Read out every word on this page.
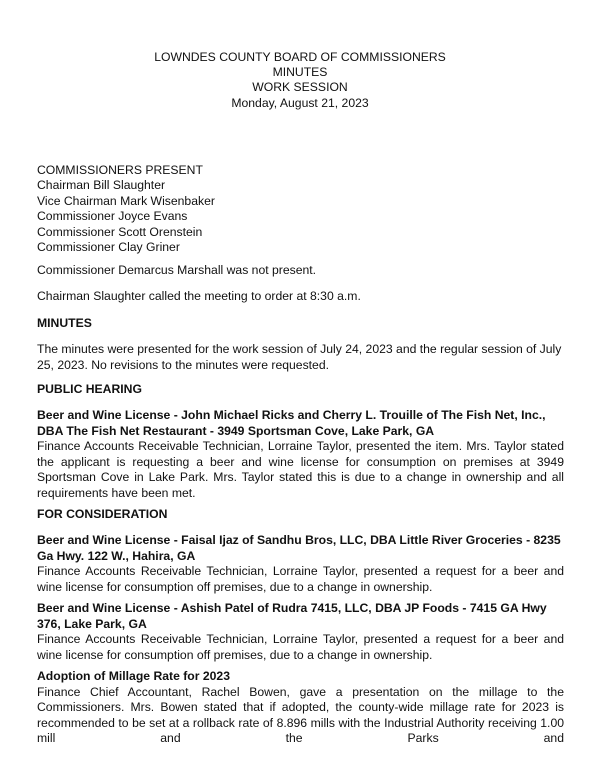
LOWNDES COUNTY BOARD OF COMMISSIONERS
MINUTES
WORK SESSION
Monday, August 21, 2023
COMMISSIONERS PRESENT
Chairman Bill Slaughter
Vice Chairman Mark Wisenbaker
Commissioner Joyce Evans
Commissioner Scott Orenstein
Commissioner Clay Griner
Commissioner Demarcus Marshall was not present.
Chairman Slaughter called the meeting to order at 8:30 a.m.
MINUTES
The minutes were presented for the work session of July 24, 2023 and the regular session of July 25, 2023. No revisions to the minutes were requested.
PUBLIC HEARING
Beer and Wine License - John Michael Ricks and Cherry L. Trouille of The Fish Net, Inc., DBA The Fish Net Restaurant - 3949 Sportsman Cove, Lake Park, GA
Finance Accounts Receivable Technician, Lorraine Taylor, presented the item. Mrs. Taylor stated the applicant is requesting a beer and wine license for consumption on premises at 3949 Sportsman Cove in Lake Park. Mrs. Taylor stated this is due to a change in ownership and all requirements have been met.
FOR CONSIDERATION
Beer and Wine License - Faisal Ijaz of Sandhu Bros, LLC, DBA Little River Groceries - 8235 Ga Hwy. 122 W., Hahira, GA
Finance Accounts Receivable Technician, Lorraine Taylor, presented a request for a beer and wine license for consumption off premises, due to a change in ownership.
Beer and Wine License - Ashish Patel of Rudra 7415, LLC, DBA JP Foods - 7415 GA Hwy 376, Lake Park, GA
Finance Accounts Receivable Technician, Lorraine Taylor, presented a request for a beer and wine license for consumption off premises, due to a change in ownership.
Adoption of Millage Rate for 2023
Finance Chief Accountant, Rachel Bowen, gave a presentation on the millage to the Commissioners. Mrs. Bowen stated that if adopted, the county-wide millage rate for 2023 is recommended to be set at a rollback rate of 8.896 mills with the Industrial Authority receiving 1.00 mill and the Parks and
